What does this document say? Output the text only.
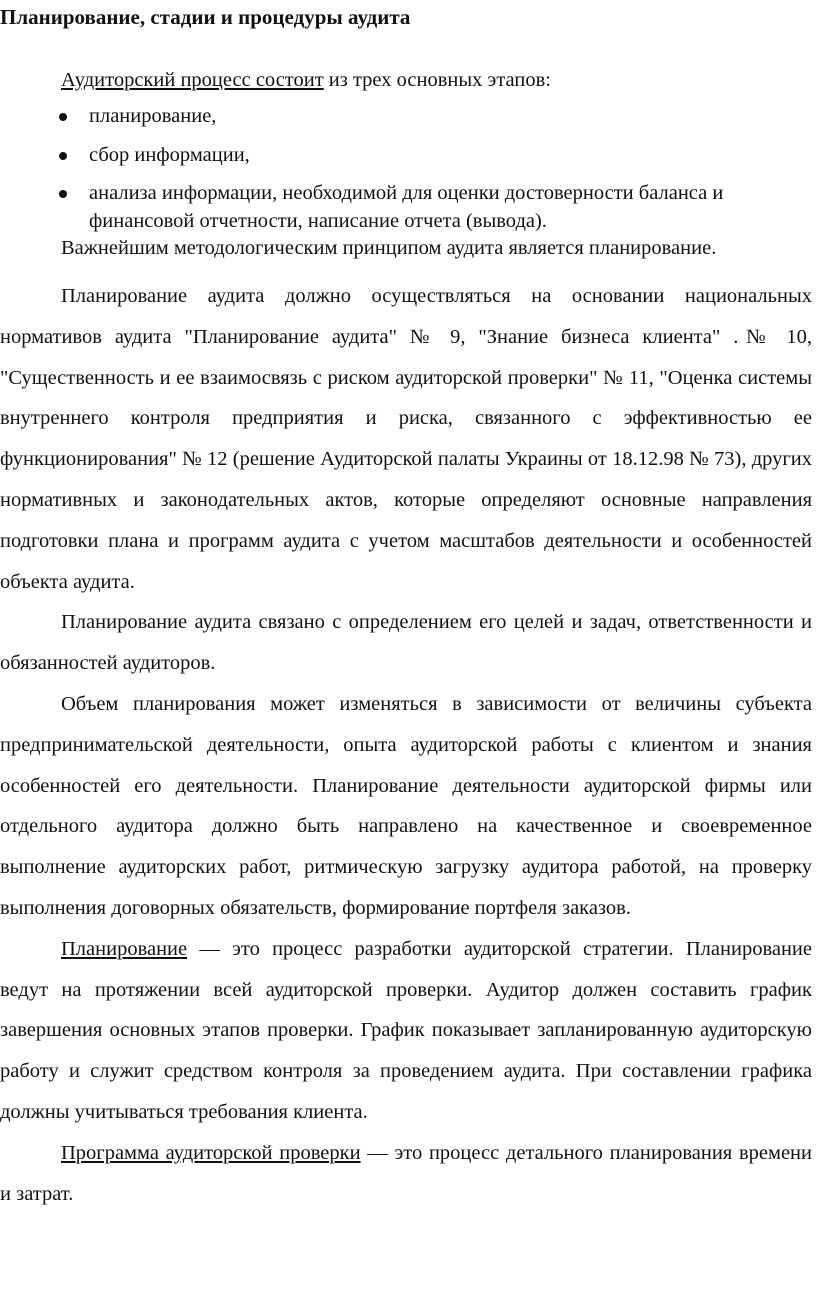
Планирование, стадии и процедуры аудита

Аудиторский процесс состоит из трех основных этапов:

планирование,
сбор информации,
анализа информации, необходимой для оценки достоверности баланса и финансовой отчетности, написание отчета (вывода).

Важнейшим методологическим принципом аудита является планирование.

Планирование аудита должно осуществляться на основании национальных нормативов аудита "Планирование аудита" № 9, "Знание бизнеса клиента" .№ 10, "Существенность и ее взаимосвязь с риском аудиторской проверки" № 11, "Оценка системы внутреннего контроля предприятия и риска, связанного с эффективностью ее функционирования" № 12 (решение Аудиторской палаты Украины от 18.12.98 № 73), других нормативных и законодательных актов, которые определяют основные направления подготовки плана и программ аудита с учетом масштабов деятельности и особенностей объекта аудита.

Планирование аудита связано с определением его целей и задач, ответственности и обязанностей аудиторов.

Объем планирования может изменяться в зависимости от величины субъекта предпринимательской деятельности, опыта аудиторской работы с клиентом и знания особенностей его деятельности. Планирование деятельности аудиторской фирмы или отдельного аудитора должно быть направлено на качественное и своевременное выполнение аудиторских работ, ритмическую загрузку аудитора работой, на проверку выполнения договорных обязательств, формирование портфеля заказов.

Планирование — это процесс разработки аудиторской стратегии. Планирование ведут на протяжении всей аудиторской проверки. Аудитор должен составить график завершения основных этапов проверки. График показывает запланированную аудиторскую работу и служит средством контроля за проведением аудита. При составлении графика должны учитываться требования клиента.

Программа аудиторской проверки — это процесс детального планирования времени и затрат.
